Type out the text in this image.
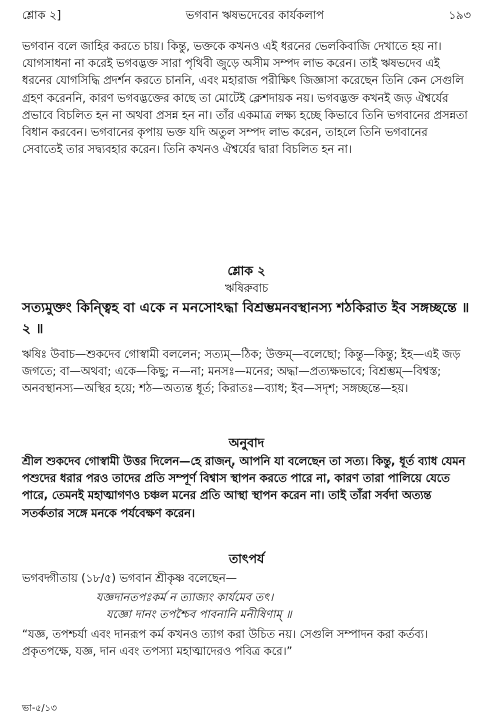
শ্লোক ২]	ভগবান ঋষভদেবের কার্যকলাপ	১৯৩

ভগবান বলে জাহির করতে চায়। কিন্তু, ভক্তকে কখনও এই ধরনের ভেলকিবাজি দেখাতে হয় না। যোগসাধনা না করেই ভগবদ্ভক্ত সারা পৃথিবী জুড়ে অসীম সম্পদ লাভ করেন। তাই ঋষভদেব এই ধরনের যোগসিদ্ধি প্রদর্শন করতে চাননি, এবং মহারাজ পরীক্ষিৎ জিজ্ঞাসা করেছেন তিনি কেন সেগুলি গ্রহণ করেননি, কারণ ভগবদ্ভক্তের কাছে তা মোটেই ক্লেশদায়ক নয়। ভগবদ্ভক্ত কখনই জড় ঐশ্বর্যের প্রভাবে বিচলিত হন না অথবা প্রসন্ন হন না। তাঁর একমাত্র লক্ষ্য হচ্ছে কিভাবে তিনি ভগবানের প্রসন্নতা বিধান করবেন। ভগবানের কৃপায় ভক্ত যদি অতুল সম্পদ লাভ করেন, তাহলে তিনি ভগবানের সেবাতেই তার সদ্ব্যবহার করেন। তিনি কখনও ঐশ্বর্যের দ্বারা বিচলিত হন না।

শ্লোক ২

ঋষিরুবাচ

সত্যমুক্তং কিন্ত্বিহ বা একে ন মনসোঽদ্ধা বিশ্রম্ভমনবস্থানস্য শঠকিরাত ইব সঙ্গচ্ছন্তে ॥ ২ ॥

ঋষিঃ উবাচ—শুকদেব গোস্বামী বললেন; সত্যম্—ঠিক; উক্তম্—বলেছো; কিন্তু—কিন্তু; ইহ—এই জড় জগতে; বা—অথবা; একে—কিছু; ন—না; মনসঃ—মনের; অদ্ধা—প্রত্যক্ষভাবে; বিশ্রম্ভম্—বিশ্বস্ত; অনবস্থানস্য—অস্থির হয়ে; শঠ—অত্যন্ত ধূর্ত; কিরাতঃ—ব্যাধ; ইব—সদৃশ; সঙ্গচ্ছন্তে—হয়।

অনুবাদ

শ্রীল শুকদেব গোস্বামী উত্তর দিলেন—হে রাজন্, আপনি যা বলেছেন তা সত্য। কিন্তু, ধূর্ত ব্যাধ যেমন পশুদের ধরার পরও তাদের প্রতি সম্পূর্ণ বিশ্বাস স্থাপন করতে পারে না, কারণ তারা পালিয়ে যেতে পারে, তেমনই মহাত্মাগণও চঞ্চল মনের প্রতি আস্থা স্থাপন করেন না। তাই তাঁরা সর্বদা অত্যন্ত সতর্কতার সঙ্গে মনকে পর্যবেক্ষণ করেন।

তাৎপর্য

ভগবদ্গীতায় (১৮/৫) ভগবান শ্রীকৃষ্ণ বলেছেন—

যজ্ঞদানতপঃকর্ম ন ত্যাজ্যং কার্যমেব তৎ।

যজ্ঞো দানং তপশ্চৈব পাবনানি মনীষিণাম্ ॥

“যজ্ঞ, তপশ্চর্যা এবং দানরূপ কর্ম কখনও ত্যাগ করা উচিত নয়। সেগুলি সম্পাদন করা কর্তব্য। প্রকৃতপক্ষে, যজ্ঞ, দান এবং তপস্যা মহাত্মাদেরও পবিত্র করে।”

ভা-৫/১৩
